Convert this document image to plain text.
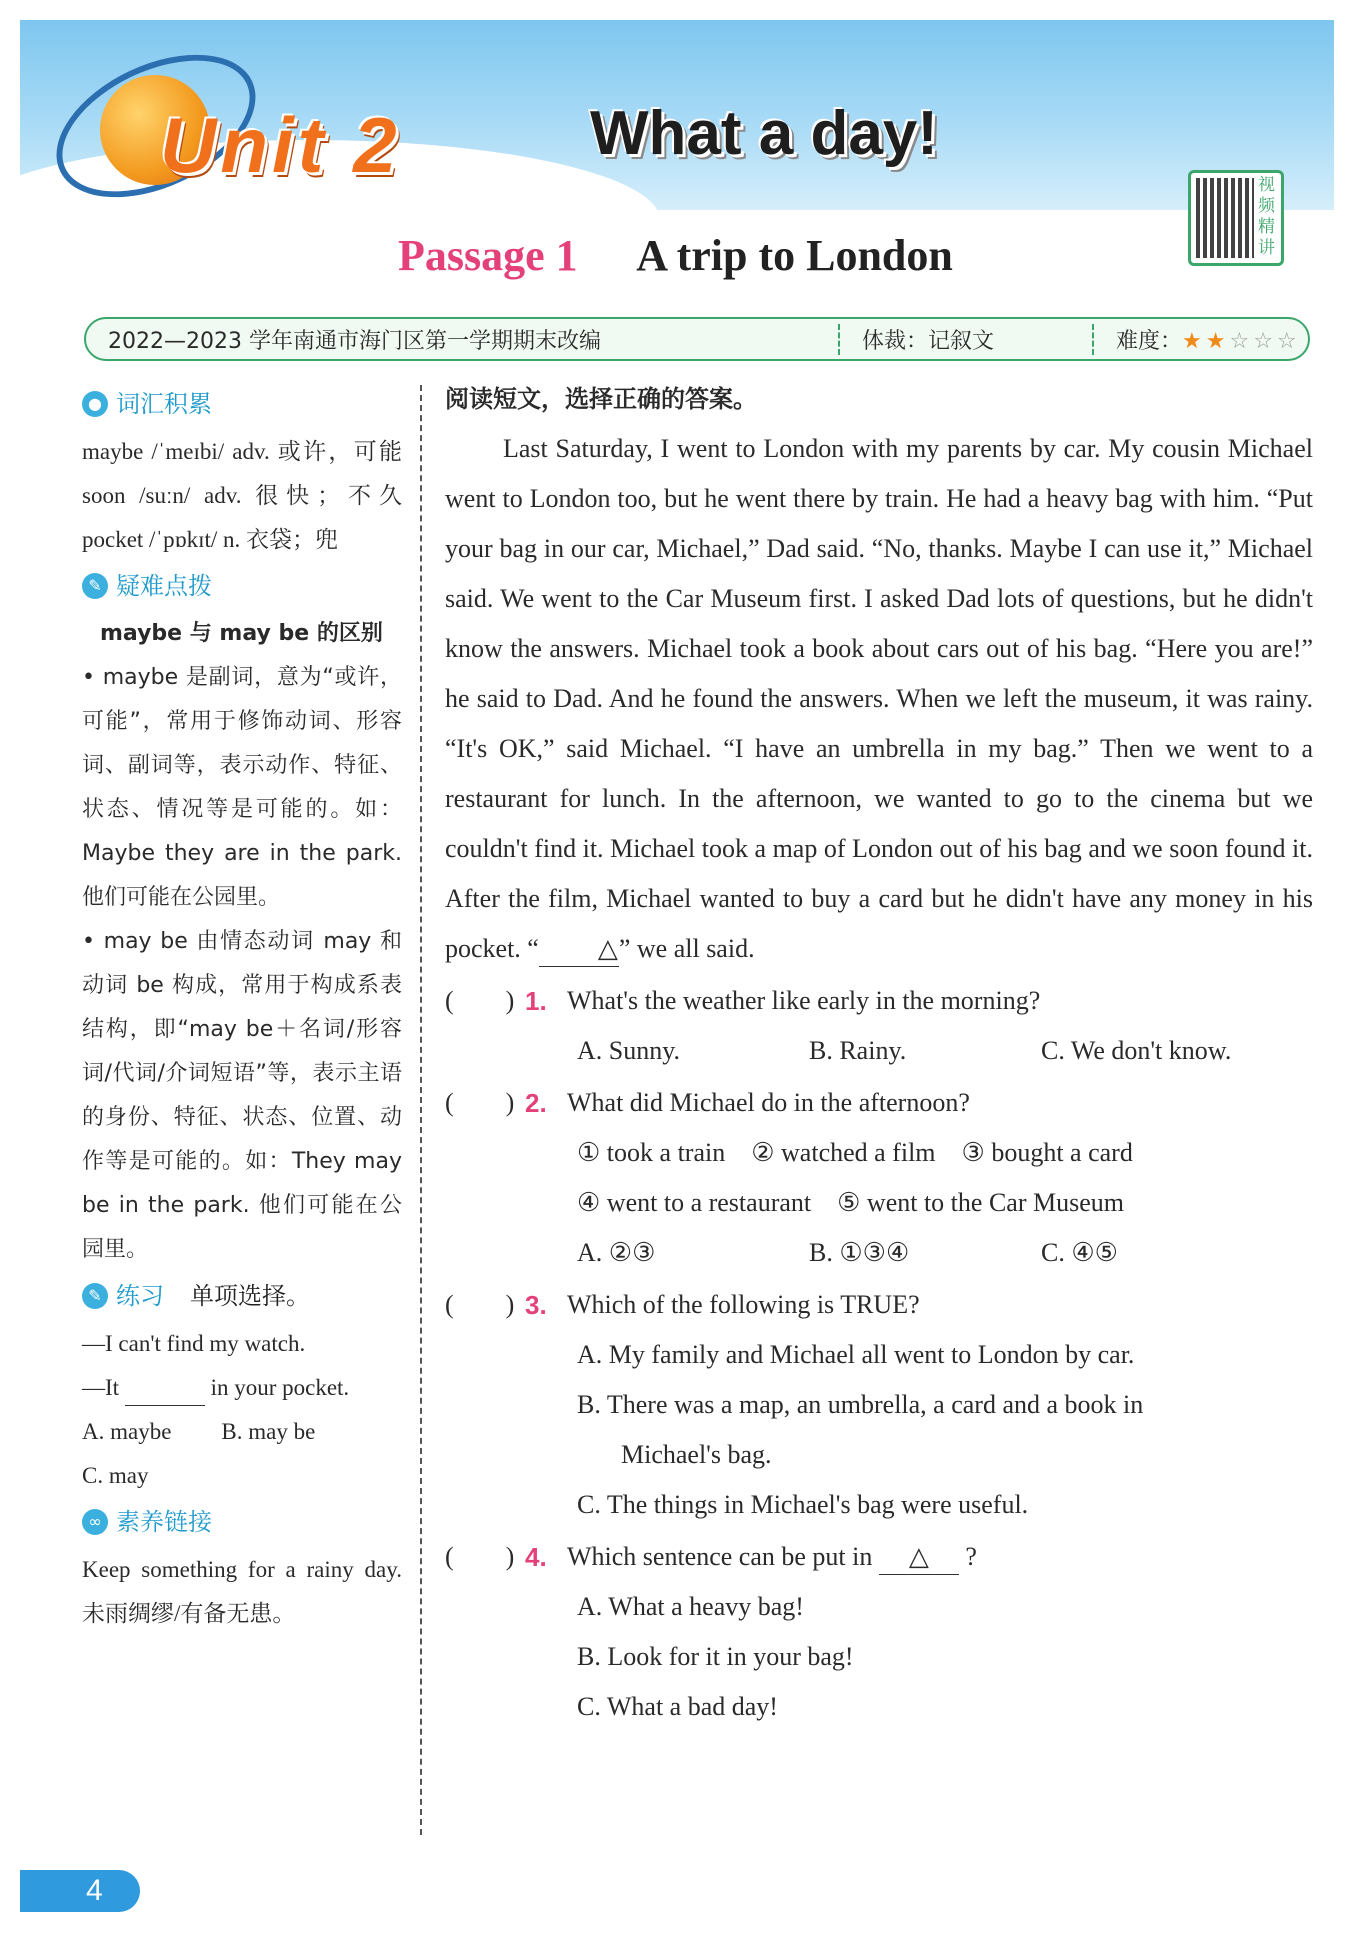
Unit 2	What a day!
视频精讲
Passage 1 A trip to London
2022—2023 学年南通市海门区第一学期期末改编	体裁：记叙文	难度：★★☆☆☆
● 词汇积累

maybe /ˈmeɪbi/ adv. 或许，可能　soon /suːn/ adv. 很快；不久　pocket /ˈpɒkɪt/ n. 衣袋；兜

✎ 疑难点拨

maybe 与 may be 的区别

• maybe 是副词，意为“或许，可能”，常用于修饰动词、形容词、副词等，表示动作、特征、状态、情况等是可能的。如：Maybe they are in the park. 他们可能在公园里。

• may be 由情态动词 may 和动词 be 构成，常用于构成系表结构，即“may be＋名词/形容词/代词/介词短语”等，表示主语的身份、特征、状态、位置、动作等是可能的。如：They may be in the park. 他们可能在公园里。

✎ 练习 单项选择。

—I can't find my watch.

—It	in your pocket.

A. maybe B. may be

C. may

∞ 素养链接

Keep something for a rainy day. 未雨绸缪/有备无患。

阅读短文，选择正确的答案。

Last Saturday, I went to London with my parents by car. My cousin Michael went to London too, but he went there by train. He had a heavy bag with him. “Put your bag in our car, Michael,” Dad said. “No, thanks. Maybe I can use it,” Michael said. We went to the Car Museum first. I asked Dad lots of questions, but he didn't know the answers. Michael took a book about cars out of his bag. “Here you are!” he said to Dad. And he found the answers. When we left the museum, it was rainy. “It's OK,” said Michael. “I have an umbrella in my bag.” Then we went to a restaurant for lunch. In the afternoon, we wanted to go to the cinema but we couldn't find it. Michael took a map of London out of his bag and we soon found it. After the film, Michael wanted to buy a card but he didn't have any money in his pocket. “ △” we all said.

(　　) 1. What's the weather like early in the morning?
A. Sunny.	B. Rainy.	C. We don't know.
(　　) 2. What did Michael do in the afternoon?
① took a train　② watched a film　③ bought a card
④ went to a restaurant　⑤ went to the Car Museum
A. ②③	B. ①③④	C. ④⑤
(　　) 3. Which of the following is TRUE?
A. My family and Michael all went to London by car.
B. There was a map, an umbrella, a card and a book in
Michael's bag.
C. The things in Michael's bag were useful.
(　　) 4. Which sentence can be put in △ ?
A. What a heavy bag!
B. Look for it in your bag!
C. What a bad day!
4
